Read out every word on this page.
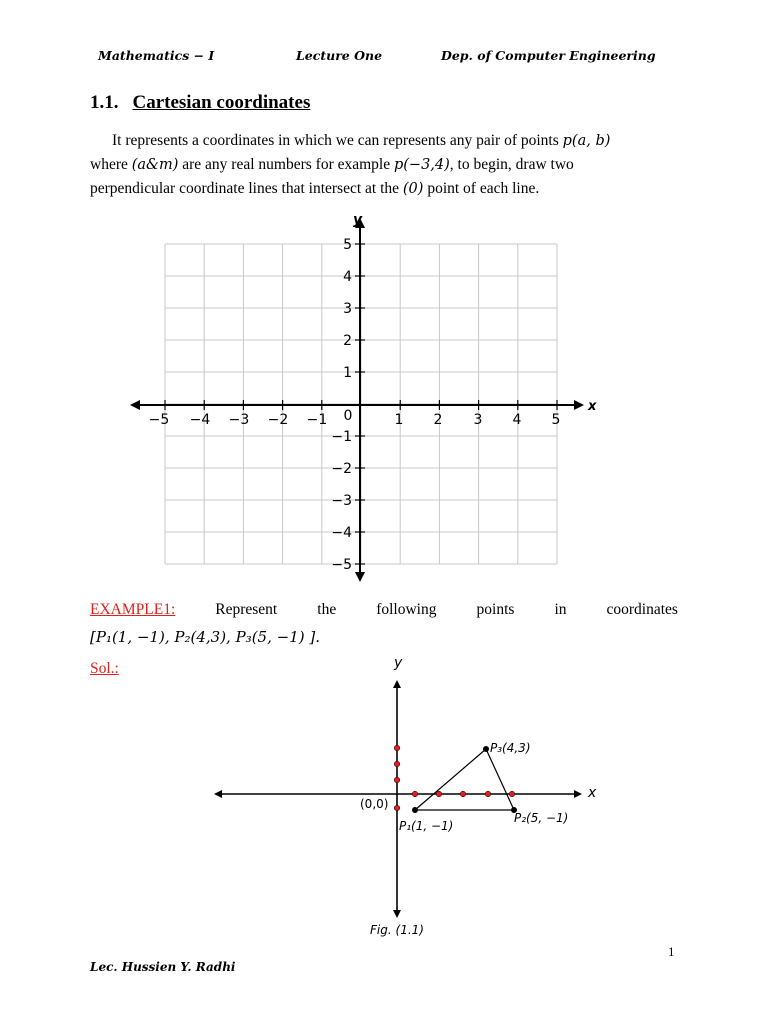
Mathematics − I	Lecture One	Dep. of Computer Engineering
1.1. Cartesian coordinates
It represents a coordinates in which we can represents any pair of points p(a, b)
where (a&m) are any real numbers for example p(−3,4), to begin, draw two
perpendicular coordinate lines that intersect at the (0) point of each line.
x
y
0
−5 −4 −3 −2 −1	1 2 3 4 5
5
4
3
2
1
−1
−2
−3
−4
−5
EXAMPLE1:	Represent	the	following	points	in	coordinates
[P₁(1, −1), P₂(4,3), P₃(5, −1) ].
Sol.:	y
x
(0,0)
P₁(1, −1)
P₂(5, −1)
P₃(4,3)
Fig. (1.1)
1
Lec. Hussien Y. Radhi
